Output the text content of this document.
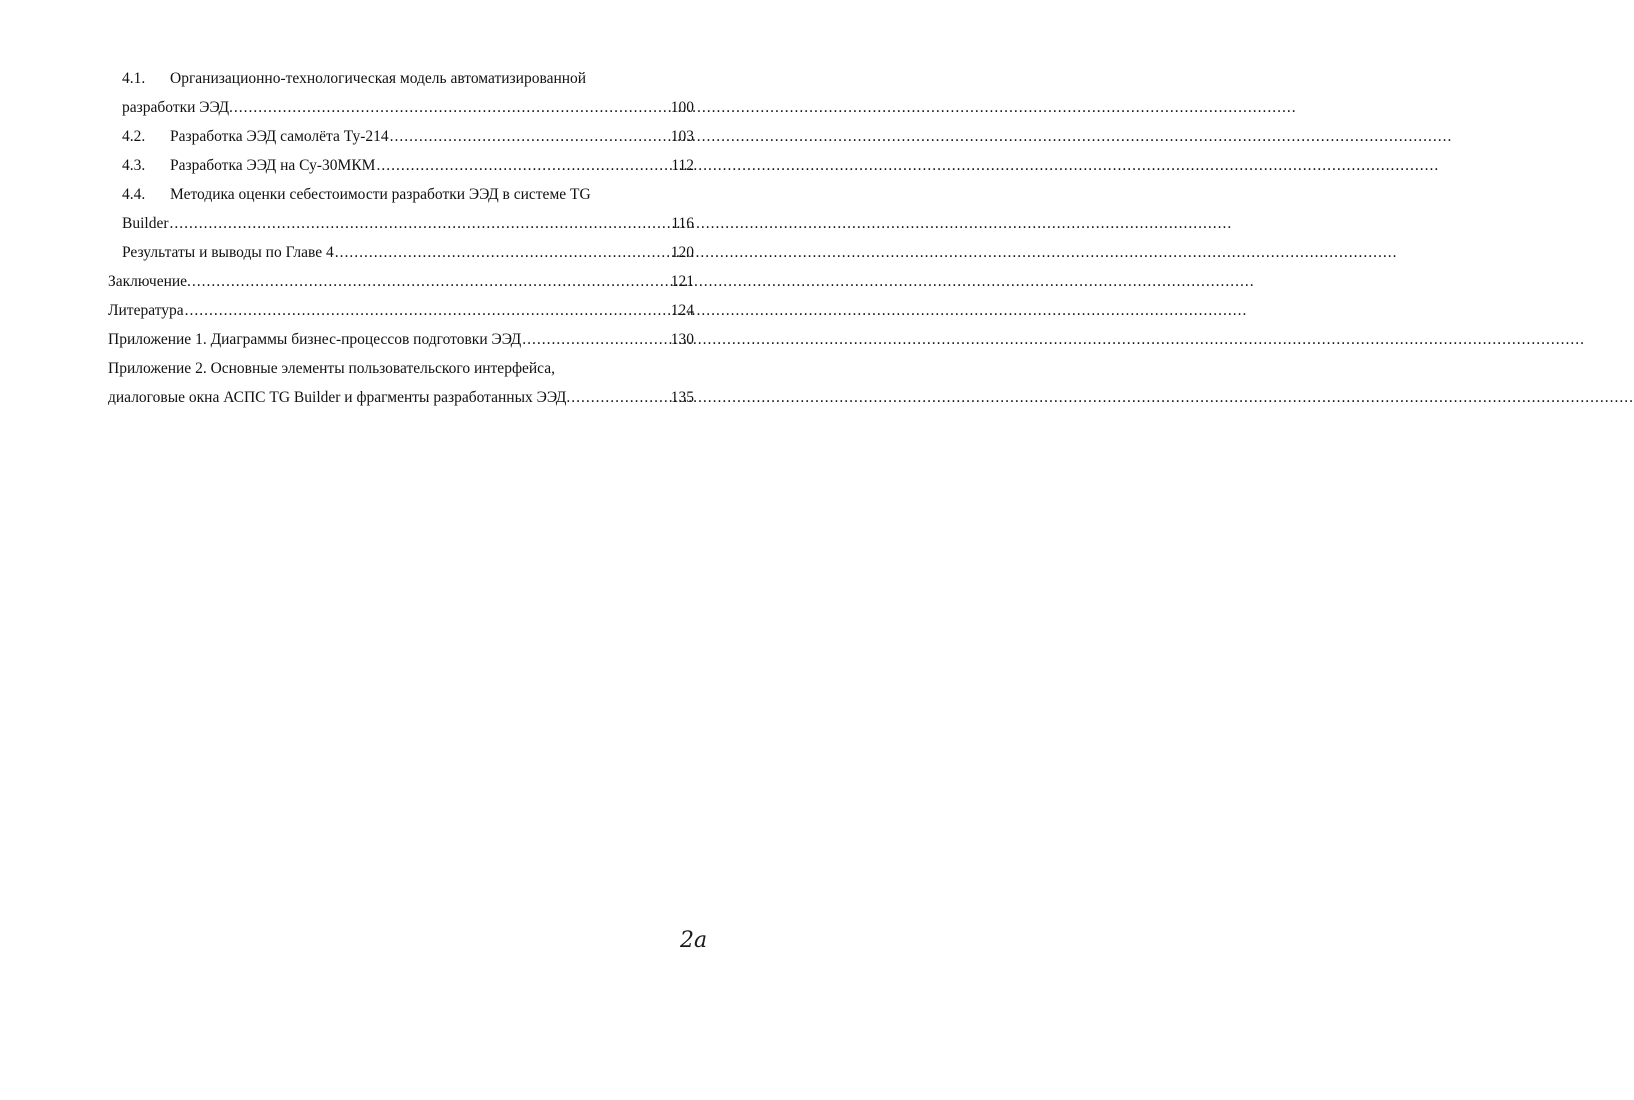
4.1.	Организационно-технологическая модель автоматизированной
разработки ЭЭД. .....	100
4.2.	Разработка ЭЭД самолёта Ту-214 .....	103
4.3.	Разработка ЭЭД на Су-30МКМ .....	112
4.4.	Методика оценки себестоимости разработки ЭЭД в системе TG
Builder .....	116
Результаты и выводы по Главе 4 .....	120
Заключение. .....	121
Литература .....	124
Приложение 1. Диаграммы бизнес-процессов подготовки ЭЭД .....	130
Приложение 2. Основные элементы пользовательского интерфейса,
диалоговые окна АСПС TG Builder и фрагменты разработанных ЭЭД. .....	135
2a
